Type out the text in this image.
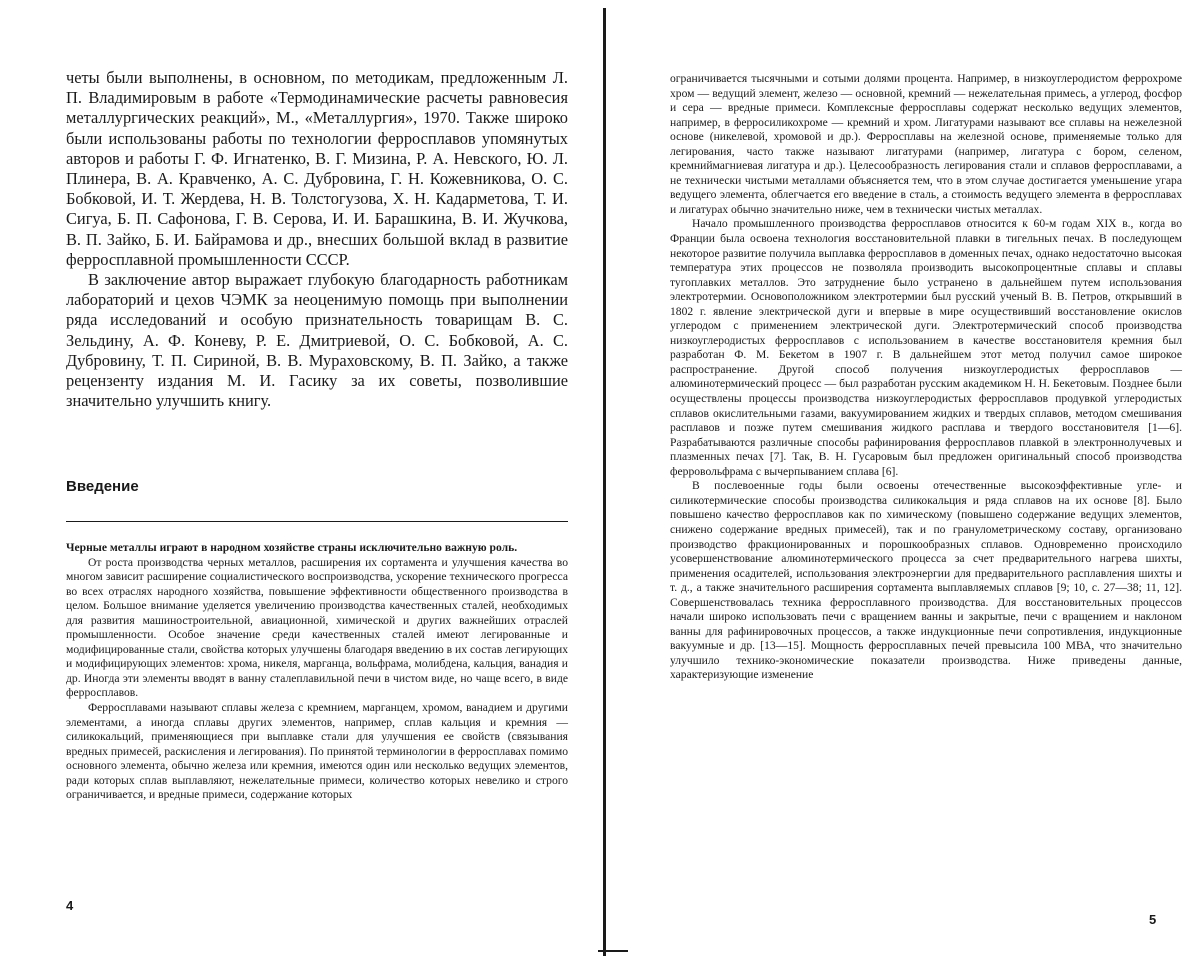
четы были выполнены, в основном, по методикам, предложенным Л. П. Владимировым в работе «Термодинамические расчеты равновесия металлургических реакций», М., «Металлургия», 1970. Также широко были использованы работы по технологии ферросплавов упомянутых авторов и работы Г. Ф. Игнатенко, В. Г. Мизина, Р. А. Невского, Ю. Л. Плинера, В. А. Кравченко, А. С. Дубровина, Г. Н. Кожевникова, О. С. Бобковой, И. Т. Жердева, Н. В. Толстогузова, Х. Н. Кадарметова, Т. И. Сигуа, Б. П. Сафонова, Г. В. Серова, И. И. Барашкина, В. И. Жучкова, В. П. Зайко, Б. И. Байрамова и др., внесших большой вклад в развитие ферросплавной промышленности СССР.

В заключение автор выражает глубокую благодарность работникам лабораторий и цехов ЧЭМК за неоценимую помощь при выполнении ряда исследований и особую признательность товарищам В. С. Зельдину, А. Ф. Коневу, Р. Е. Дмитриевой, О. С. Бобковой, А. С. Дубровину, Т. П. Сириной, В. В. Мураховскому, В. П. Зайко, а также рецензенту издания М. И. Гасику за их советы, позволившие значительно улучшить книгу.

Введение

Черные металлы играют в народном хозяйстве страны исключительно важную роль.

От роста производства черных металлов, расширения их сортамента и улучшения качества во многом зависит расширение социалистического воспроизводства, ускорение технического прогресса во всех отраслях народного хозяйства, повышение эффективности общественного производства в целом. Большое внимание уделяется увеличению производства качественных сталей, необходимых для развития машиностроительной, авиационной, химической и других важнейших отраслей промышленности. Особое значение среди качественных сталей имеют легированные и модифицированные стали, свойства которых улучшены благодаря введению в их состав легирующих и модифицирующих элементов: хрома, никеля, марганца, вольфрама, молибдена, кальция, ванадия и др. Иногда эти элементы вводят в ванну сталеплавильной печи в чистом виде, но чаще всего, в виде ферросплавов.

Ферросплавами называют сплавы железа с кремнием, марганцем, хромом, ванадием и другими элементами, а иногда сплавы других элементов, например, сплав кальция и кремния — силикокальций, применяющиеся при выплавке стали для улучшения ее свойств (связывания вредных примесей, раскисления и легирования). По принятой терминологии в ферросплавах помимо основного элемента, обычно железа или кремния, имеются один или несколько ведущих элементов, ради которых сплав выплавляют, нежелательные примеси, количество которых невелико и строго ограничивается, и вредные примеси, содержание которых

4

ограничивается тысячными и сотыми долями процента. Например, в низкоуглеродистом феррохроме хром — ведущий элемент, железо — основной, кремний — нежелательная примесь, а углерод, фосфор и сера — вредные примеси. Комплексные ферросплавы содержат несколько ведущих элементов, например, в ферросиликохроме — кремний и хром. Лигатурами называют все сплавы на нежелезной основе (никелевой, хромовой и др.). Ферросплавы на железной основе, применяемые только для легирования, часто также называют лигатурами (например, лигатура с бором, селеном, кремниймагниевая лигатура и др.). Целесообразность легирования стали и сплавов ферросплавами, а не технически чистыми металлами объясняется тем, что в этом случае достигается уменьшение угара ведущего элемента, облегчается его введение в сталь, а стоимость ведущего элемента в ферросплавах и лигатурах обычно значительно ниже, чем в технически чистых металлах.

Начало промышленного производства ферросплавов относится к 60-м годам XIX в., когда во Франции была освоена технология восстановительной плавки в тигельных печах. В последующем некоторое развитие получила выплавка ферросплавов в доменных печах, однако недостаточно высокая температура этих процессов не позволяла производить высокопроцентные сплавы и сплавы тугоплавких металлов. Это затруднение было устранено в дальнейшем путем использования электротермии. Основоположником электротермии был русский ученый В. В. Петров, открывший в 1802 г. явление электрической дуги и впервые в мире осуществивший восстановление окислов углеродом с применением электрической дуги. Электротермический способ производства низкоуглеродистых ферросплавов с использованием в качестве восстановителя кремния был разработан Ф. М. Бекетом в 1907 г. В дальнейшем этот метод получил самое широкое распространение. Другой способ получения низкоуглеродистых ферросплавов — алюминотермический процесс — был разработан русским академиком Н. Н. Бекетовым. Позднее были осуществлены процессы производства низкоуглеродистых ферросплавов продувкой углеродистых сплавов окислительными газами, вакуумированием жидких и твердых сплавов, методом смешивания расплавов и позже путем смешивания жидкого расплава и твердого восстановителя [1—6]. Разрабатываются различные способы рафинирования ферросплавов плавкой в электроннолучевых и плазменных печах [7]. Так, В. Н. Гусаровым был предложен оригинальный способ производства ферровольфрама с вычерпыванием сплава [6].

В послевоенные годы были освоены отечественные высокоэффективные угле- и силикотермические способы производства силикокальция и ряда сплавов на их основе [8]. Было повышено качество ферросплавов как по химическому (повышено содержание ведущих элементов, снижено содержание вредных примесей), так и по гранулометрическому составу, организовано производство фракционированных и порошкообразных сплавов. Одновременно происходило усовершенствование алюминотермического процесса за счет предварительного нагрева шихты, применения осадителей, использования электроэнергии для предварительного расплавления шихты и т. д., а также значительного расширения сортамента выплавляемых сплавов [9; 10, с. 27—38; 11, 12]. Совершенствовалась техника ферросплавного производства. Для восстановительных процессов начали широко использовать печи с вращением ванны и закрытые, печи с вращением и наклоном ванны для рафинировочных процессов, а также индукционные печи сопротивления, индукционные вакуумные и др. [13—15]. Мощность ферросплавных печей превысила 100 МВА, что значительно улучшило технико-экономические показатели производства. Ниже приведены данные, характеризующие изменение

5
